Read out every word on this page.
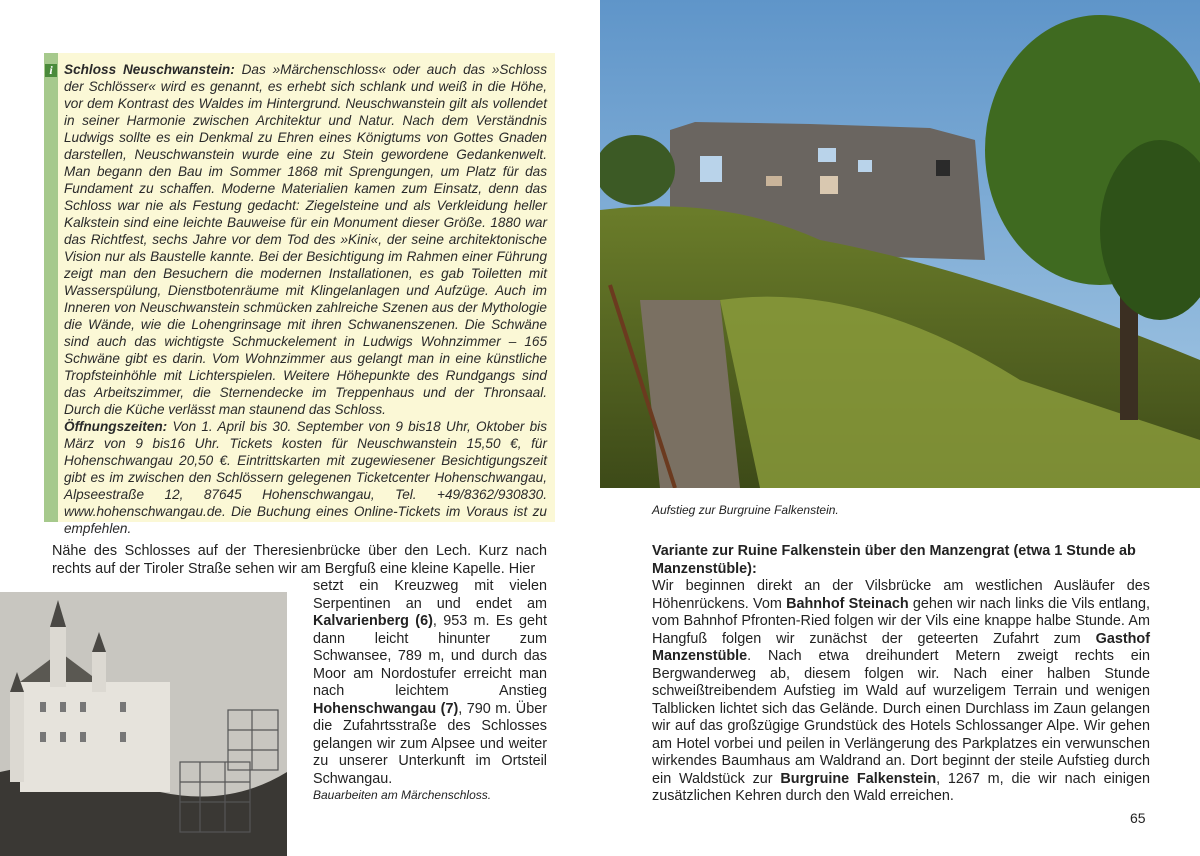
i Schloss Neuschwanstein: Das »Märchenschloss« oder auch das »Schloss der Schlösser« wird es genannt, es erhebt sich schlank und weiß in die Höhe, vor dem Kontrast des Waldes im Hintergrund. Neuschwanstein gilt als vollendet in seiner Harmonie zwischen Architektur und Natur. Nach dem Verständnis Ludwigs sollte es ein Denkmal zu Ehren eines Königtums von Gottes Gnaden darstellen, Neuschwanstein wurde eine zu Stein gewordene Gedankenwelt. Man begann den Bau im Sommer 1868 mit Sprengungen, um Platz für das Fundament zu schaffen. Moderne Materialien kamen zum Einsatz, denn das Schloss war nie als Festung gedacht: Ziegelsteine und als Verkleidung heller Kalkstein sind eine leichte Bauweise für ein Monument dieser Größe. 1880 war das Richtfest, sechs Jahre vor dem Tod des »Kini«, der seine architektonische Vision nur als Baustelle kannte. Bei der Besichtigung im Rahmen einer Führung zeigt man den Besuchern die modernen Installationen, es gab Toiletten mit Wasserspülung, Dienstbotenräume mit Klingelanlagen und Aufzüge. Auch im Inneren von Neuschwanstein schmücken zahlreiche Szenen aus der Mythologie die Wände, wie die Lohengrinsage mit ihren Schwanenszenen. Die Schwäne sind auch das wichtigste Schmuckelement in Ludwigs Wohnzimmer – 165 Schwäne gibt es darin. Vom Wohnzimmer aus gelangt man in eine künstliche Tropfsteinhöhle mit Lichterspielen. Weitere Höhepunkte des Rundgangs sind das Arbeitszimmer, die Sternendecke im Treppenhaus und der Thronsaal. Durch die Küche verlässt man staunend das Schloss.
Öffnungszeiten: Von 1. April bis 30. September von 9 bis18 Uhr, Oktober bis März von 9 bis16 Uhr. Tickets kosten für Neuschwanstein 15,50 €, für Hohenschwangau 20,50 €. Eintrittskarten mit zugewiesener Besichtigungszeit gibt es im zwischen den Schlössern gelegenen Ticketcenter Hohenschwangau, Alpseestraße 12, 87645 Hohenschwangau, Tel. +49/8362/930830. www.hohenschwangau.de. Die Buchung eines Online-Tickets im Voraus ist zu empfehlen.
Aufstieg zur Burgruine Falkenstein.
Nähe des Schlosses auf der Theresienbrücke über den Lech. Kurz nach rechts auf der Tiroler Straße sehen wir am Bergfuß eine kleine Kapelle. Hier
setzt ein Kreuzweg mit vielen Serpentinen an und endet am Kalvarienberg (6), 953 m. Es geht dann leicht hinunter zum Schwansee, 789 m, und durch das Moor am Nordostufer erreicht man nach leichtem Anstieg Hohenschwangau (7), 790 m. Über die Zufahrtsstraße des Schlosses gelangen wir zum Alpsee und weiter zu unserer Unterkunft im Ortsteil Schwangau.
Bauarbeiten am Märchenschloss.
Variante zur Ruine Falkenstein über den Manzengrat (etwa 1 Stunde ab Manzenstüble):
Wir beginnen direkt an der Vilsbrücke am westlichen Ausläufer des Höhenrückens. Vom Bahnhof Steinach gehen wir nach links die Vils entlang, vom Bahnhof Pfronten-Ried folgen wir der Vils eine knappe halbe Stunde. Am Hangfuß folgen wir zunächst der geteerten Zufahrt zum Gasthof Manzenstüble. Nach etwa dreihundert Metern zweigt rechts ein Bergwanderweg ab, diesem folgen wir. Nach einer halben Stunde schweißtreibendem Aufstieg im Wald auf wurzeligem Terrain und wenigen Talblicken lichtet sich das Gelände. Durch einen Durchlass im Zaun gelangen wir auf das großzügige Grundstück des Hotels Schlossanger Alpe. Wir gehen am Hotel vorbei und peilen in Verlängerung des Parkplatzes ein verwunschen wirkendes Baumhaus am Waldrand an. Dort beginnt der steile Aufstieg durch ein Waldstück zur Burgruine Falkenstein, 1267 m, die wir nach einigen zusätzlichen Kehren durch den Wald erreichen.
65
